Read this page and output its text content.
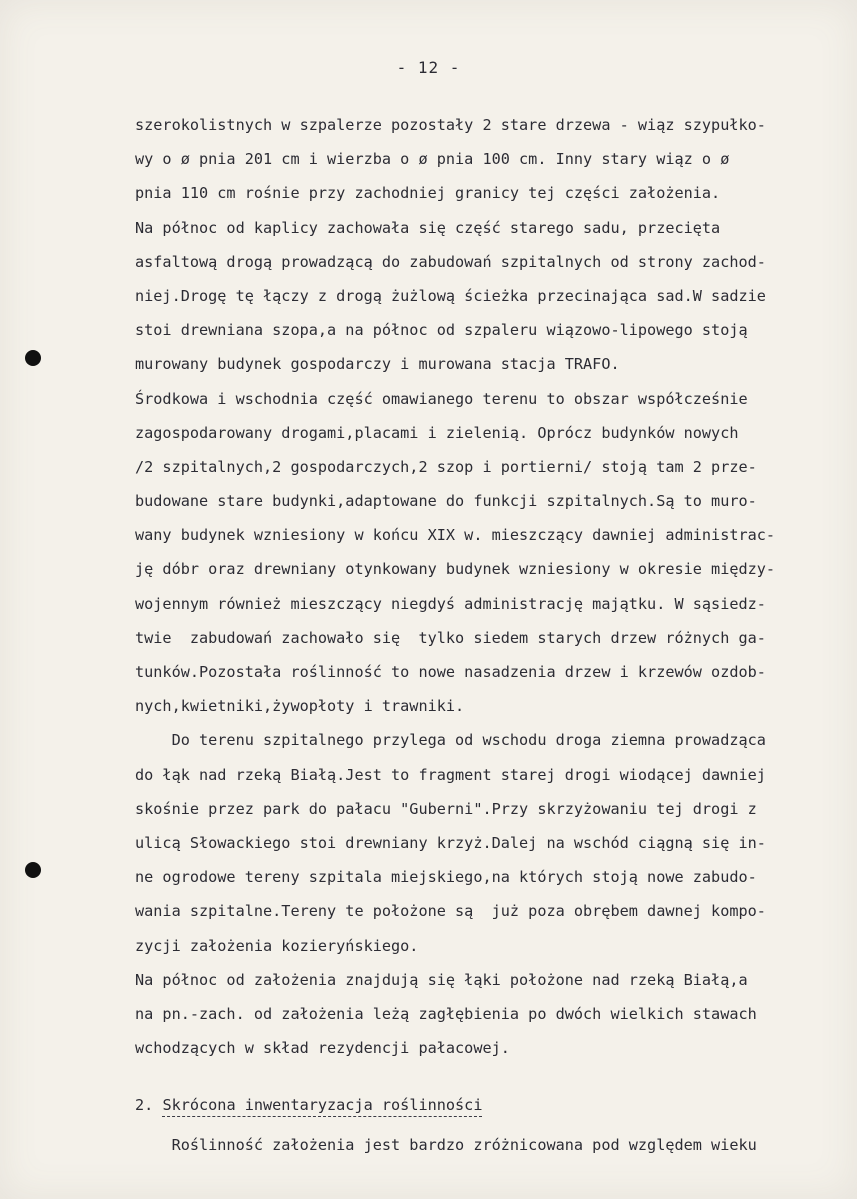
- 12 -
szerokolistnych w szpalerze pozostały 2 stare drzewa - wiąz szypułko-
wy o ø pnia 201 cm i wierzba o ø pnia 100 cm. Inny stary wiąz o ø
pnia 110 cm rośnie przy zachodniej granicy tej części założenia.
Na północ od kaplicy zachowała się część starego sadu, przecięta
asfaltową drogą prowadzącą do zabudowań szpitalnych od strony zachod-
niej.Drogę tę łączy z drogą żużlową ścieżka przecinająca sad.W sadzie
stoi drewniana szopa,a na północ od szpaleru wiązowo-lipowego stoją
murowany budynek gospodarczy i murowana stacja TRAFO.
Środkowa i wschodnia część omawianego terenu to obszar współcześnie
zagospodarowany drogami,placami i zielenią. Oprócz budynków nowych
/2 szpitalnych,2 gospodarczych,2 szop i portierni/ stoją tam 2 prze-
budowane stare budynki,adaptowane do funkcji szpitalnych.Są to muro-
wany budynek wzniesiony w końcu XIX w. mieszczący dawniej administrac-
ję dóbr oraz drewniany otynkowany budynek wzniesiony w okresie między-
wojennym również mieszczący niegdyś administrację majątku. W sąsiedz-
twie  zabudowań zachowało się  tylko siedem starych drzew różnych ga-
tunków.Pozostała roślinność to nowe nasadzenia drzew i krzewów ozdob-
nych,kwietniki,żywopłoty i trawniki.
Do terenu szpitalnego przylega od wschodu droga ziemna prowadząca
do łąk nad rzeką Białą.Jest to fragment starej drogi wiodącej dawniej
skośnie przez park do pałacu "Guberni".Przy skrzyżowaniu tej drogi z
ulicą Słowackiego stoi drewniany krzyż.Dalej na wschód ciągną się in-
ne ogrodowe tereny szpitala miejskiego,na których stoją nowe zabudo-
wania szpitalne.Tereny te położone są  już poza obrębem dawnej kompo-
zycji założenia kozieryńskiego.
Na północ od założenia znajdują się łąki położone nad rzeką Białą,a
na pn.-zach. od założenia leżą zagłębienia po dwóch wielkich stawach
wchodzących w skład rezydencji pałacowej.
2. Skrócona inwentaryzacja roślinności
Roślinność założenia jest bardzo zróżnicowana pod względem wieku
